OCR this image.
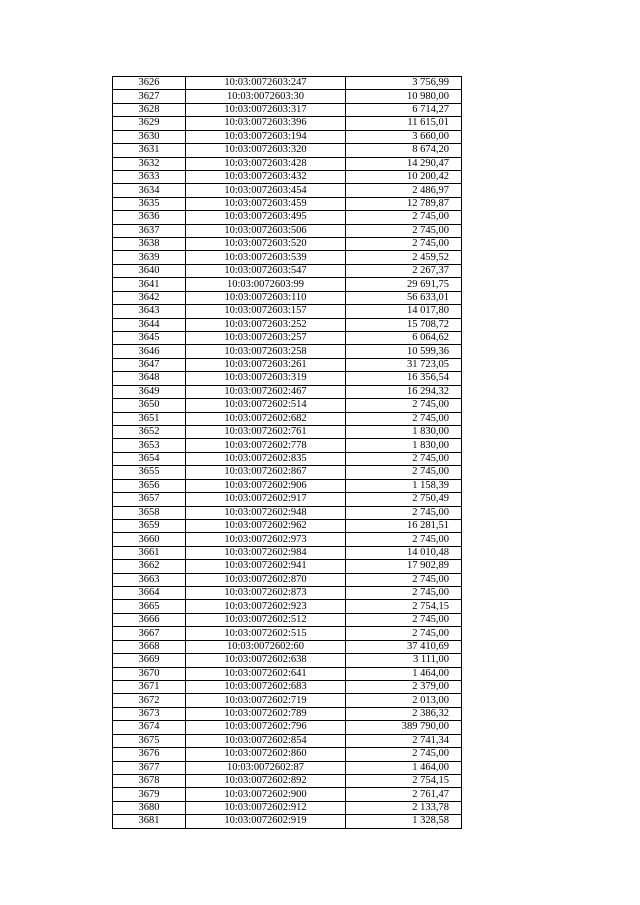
3626	10:03:0072603:247	3 756,99
3627	10:03:0072603:30	10 980,00
3628	10:03:0072603:317	6 714,27
3629	10:03:0072603:396	11 615,01
3630	10:03:0072603:194	3 660,00
3631	10:03:0072603:320	8 674,20
3632	10:03:0072603:428	14 290,47
3633	10:03:0072603:432	10 200,42
3634	10:03:0072603:454	2 486,97
3635	10:03:0072603:459	12 789,87
3636	10:03:0072603:495	2 745,00
3637	10:03:0072603:506	2 745,00
3638	10:03:0072603:520	2 745,00
3639	10:03:0072603:539	2 459,52
3640	10:03:0072603:547	2 267,37
3641	10:03:0072603:99	29 691,75
3642	10:03:0072603:110	56 633,01
3643	10:03:0072603:157	14 017,80
3644	10:03:0072603:252	15 708,72
3645	10:03:0072603:257	6 064,62
3646	10:03:0072603:258	10 599,36
3647	10:03:0072603:261	31 723,05
3648	10:03:0072603:319	16 356,54
3649	10:03:0072602:467	16 294,32
3650	10:03:0072602:514	2 745,00
3651	10:03:0072602:682	2 745,00
3652	10:03:0072602:761	1 830,00
3653	10:03:0072602:778	1 830,00
3654	10:03:0072602:835	2 745,00
3655	10:03:0072602:867	2 745,00
3656	10:03:0072602:906	1 158,39
3657	10:03:0072602:917	2 750,49
3658	10:03:0072602:948	2 745,00
3659	10:03:0072602:962	16 281,51
3660	10:03:0072602:973	2 745,00
3661	10:03:0072602:984	14 010,48
3662	10:03:0072602:941	17 902,89
3663	10:03:0072602:870	2 745,00
3664	10:03:0072602:873	2 745,00
3665	10:03:0072602:923	2 754,15
3666	10:03:0072602:512	2 745,00
3667	10:03:0072602:515	2 745,00
3668	10:03:0072602:60	37 410,69
3669	10:03:0072602:638	3 111,00
3670	10:03:0072602:641	1 464,00
3671	10:03:0072602:683	2 379,00
3672	10:03:0072602:719	2 013,00
3673	10:03:0072602:789	2 386,32
3674	10:03:0072602:796	389 790,00
3675	10:03:0072602:854	2 741,34
3676	10:03:0072602:860	2 745,00
3677	10:03:0072602:87	1 464,00
3678	10:03:0072602:892	2 754,15
3679	10:03:0072602:900	2 761,47
3680	10:03:0072602:912	2 133,78
3681	10:03:0072602:919	1 328,58
